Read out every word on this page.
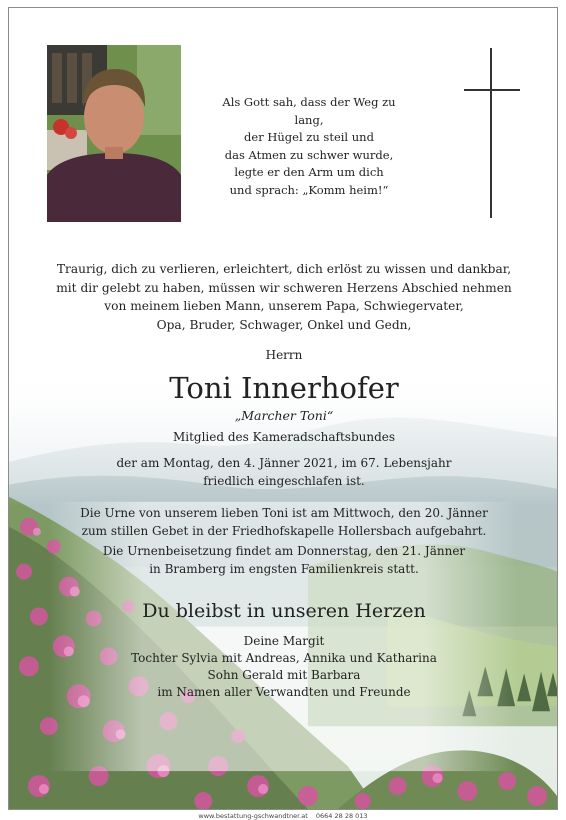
Als Gott sah, dass der Weg zu lang,
der Hügel zu steil und
das Atmen zu schwer wurde,
legte er den Arm um dich
und sprach: „Komm heim!“
Traurig, dich zu verlieren, erleichtert, dich erlöst zu wissen und dankbar,
mit dir gelebt zu haben, müssen wir schweren Herzens Abschied nehmen
von meinem lieben Mann, unserem Papa, Schwiegervater,
Opa, Bruder, Schwager, Onkel und Gedn,
Herrn
Toni Innerhofer
„Marcher Toni“
Mitglied des Kameradschaftsbundes
der am Montag, den 4. Jänner 2021, im 67. Lebensjahr
friedlich eingeschlafen ist.
Die Urne von unserem lieben Toni ist am Mittwoch, den 20. Jänner
zum stillen Gebet in der Friedhofskapelle Hollersbach aufgebahrt.
Die Urnenbeisetzung findet am Donnerstag, den 21. Jänner
in Bramberg im engsten Familienkreis statt.
Du bleibst in unseren Herzen
Deine Margit
Tochter Sylvia mit Andreas, Annika und Katharina
Sohn Gerald mit Barbara
im Namen aller Verwandten und Freunde
www.bestattung-gschwandtner.at 0664 28 28 013
